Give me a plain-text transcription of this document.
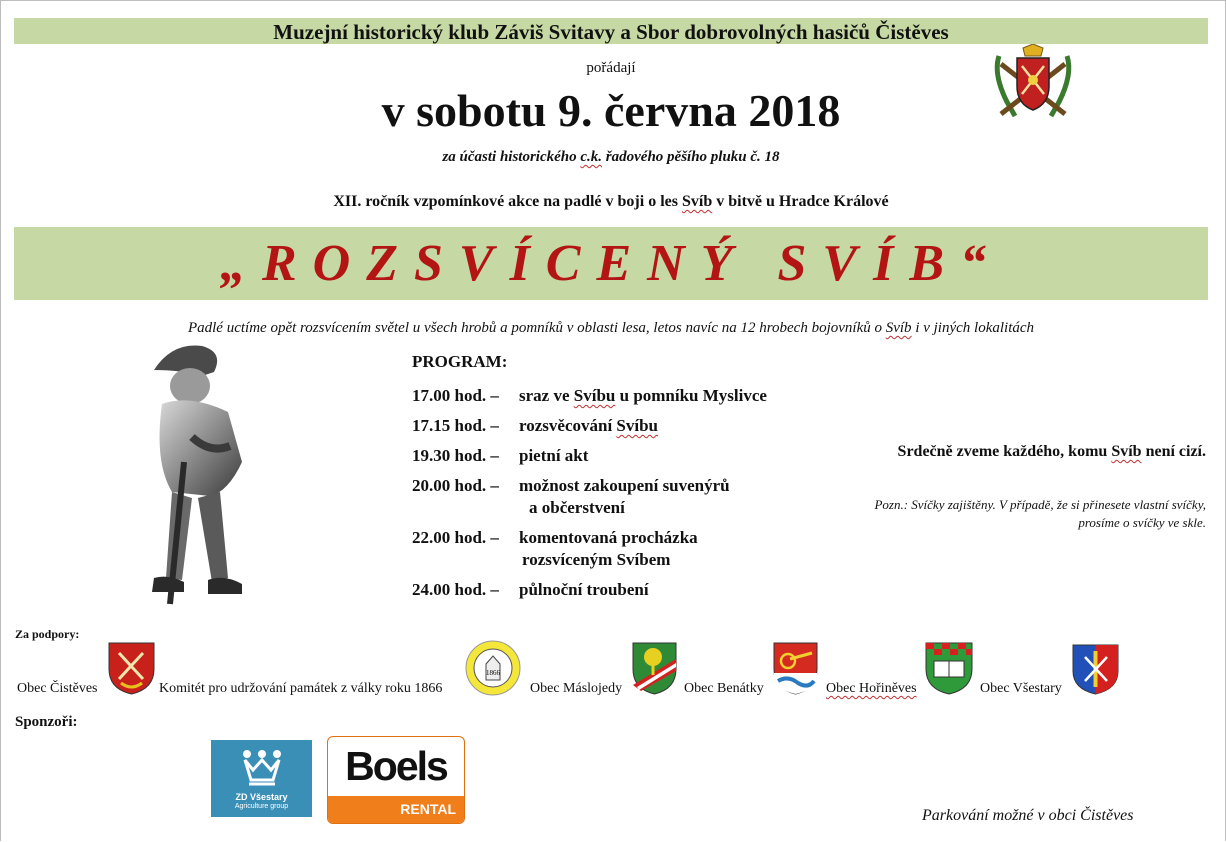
Muzejní historický klub Záviš Svitavy a Sbor dobrovolných hasičů Čistěves
pořádají
v sobotu 9. června 2018
za účasti historického c.k. řadového pěšího pluku č. 18
XII. ročník vzpomínkové akce na padlé v boji o les Svíb v bitvě u Hradce Králové
„ROZSVÍCENÝ SVÍB“
Padlé uctíme opět rozsvícením světel u všech hrobů a pomníků v oblasti lesa, letos navíc na 12 hrobech bojovníků o Svíb i v jiných lokalitách
PROGRAM:
17.00 hod. –	sraz ve Svíbu u pomníku Myslivce
17.15 hod. –	rozsvěcování Svíbu
19.30 hod. –	pietní akt
20.00 hod. –	možnost zakoupení suvenýrů
a občerstvení
22.00 hod. –	komentovaná procházka
rozsvíceným Svíbem
24.00 hod. –	půlnoční troubení
Srdečně zveme každého, komu Svíb není cizí.
Pozn.: Svíčky zajištěny. V případě, že si přinesete vlastní svíčky,
prosíme o svíčky ve skle.
Za podpory:
Obec Čistěves	Komitét pro udržování památek z války roku 1866
1866
Obec Máslojedy	Obec Benátky	Obec Hořiněves	Obec Všestary
Sponzoři:
ZD Všestary
Agriculture group
Boels
RENTAL	Parkování možné v obci Čistěves
